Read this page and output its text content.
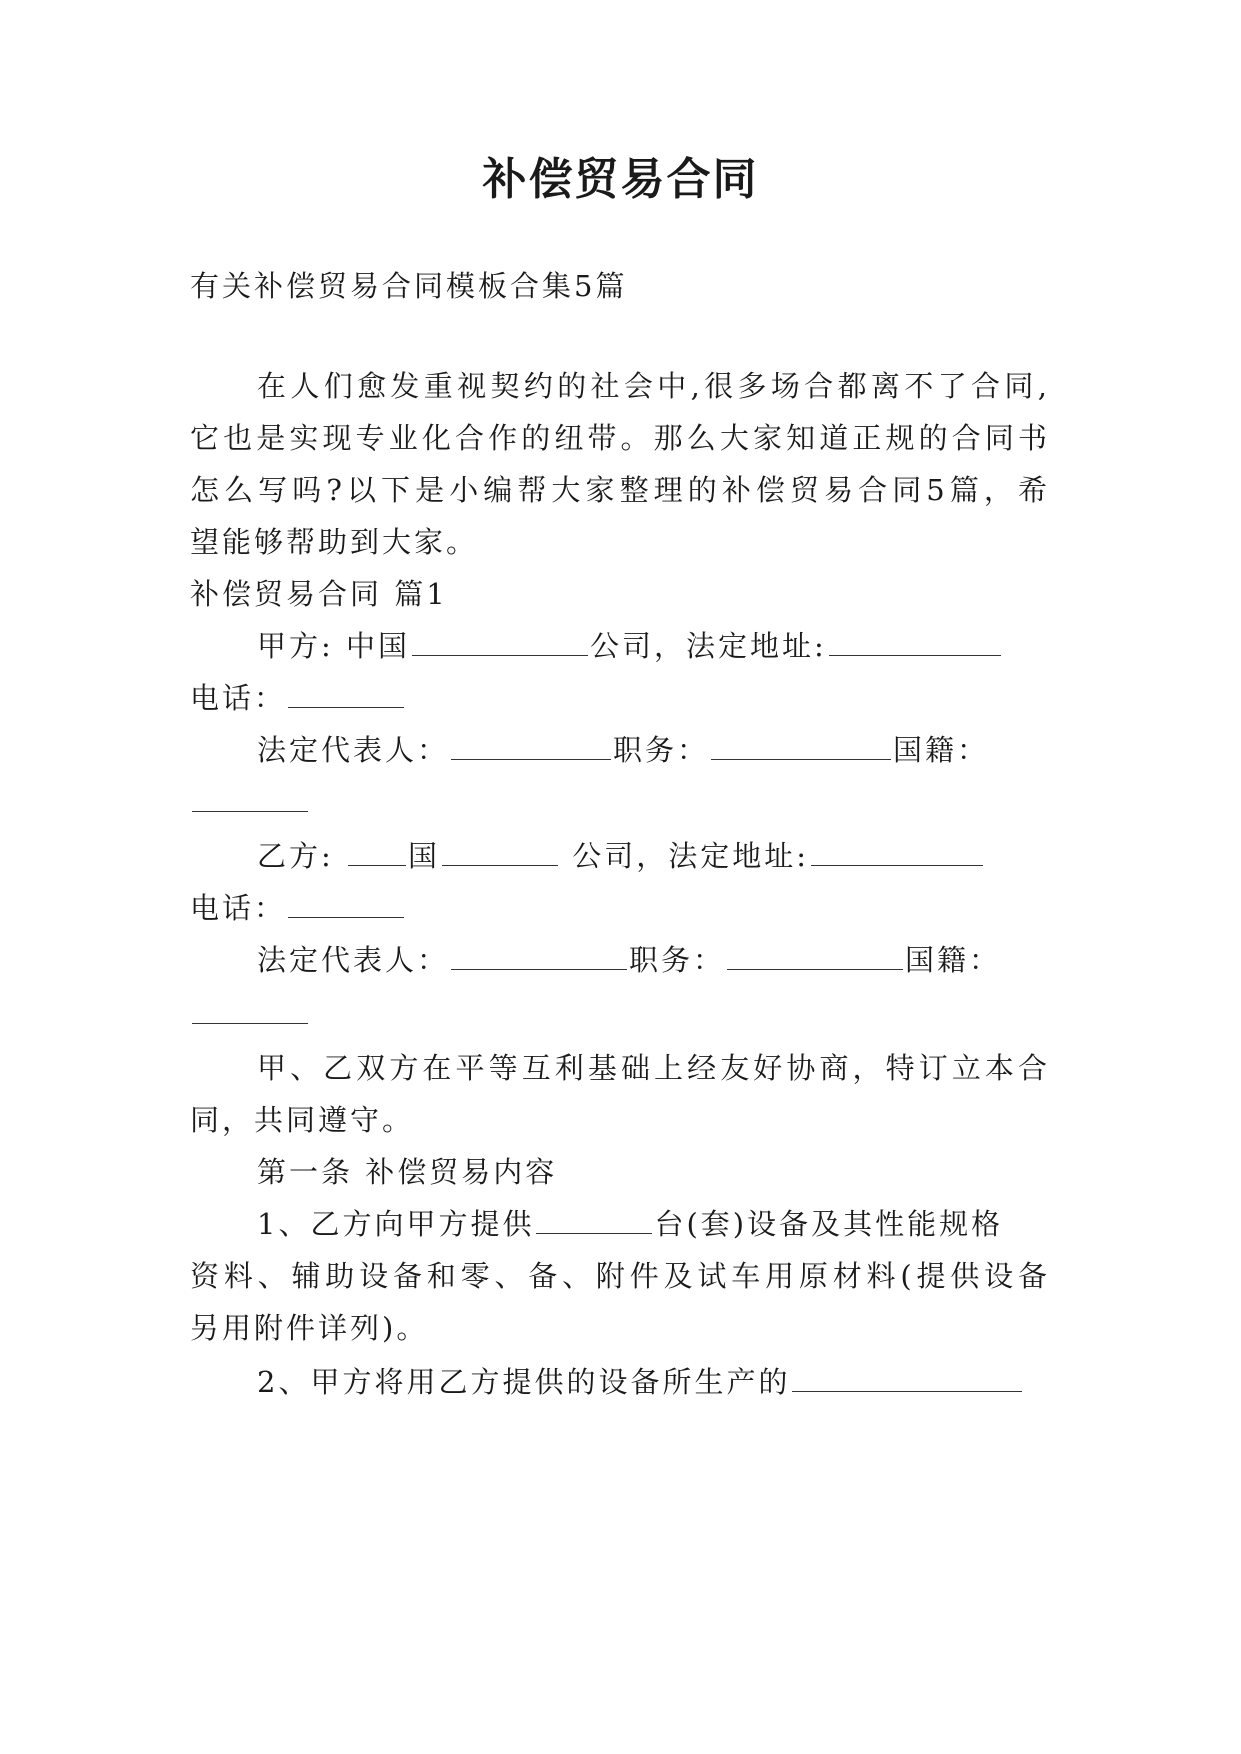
补偿贸易合同
有关补偿贸易合同模板合集5篇
在人们愈发重视契约的社会中,很多场合都离不了合同,
它也是实现专业化合作的纽带。那么大家知道正规的合同书
怎么写吗?以下是小编帮大家整理的补偿贸易合同5篇，希
望能够帮助到大家。
补偿贸易合同 篇1
甲方: 中国	公司，法定地址:
电话：
法定代表人：	职务：	国籍：
乙方: 国	公司，法定地址:
电话：
法定代表人：	职务：	国籍：
甲、乙双方在平等互利基础上经友好协商，特订立本合
同，共同遵守。
第一条 补偿贸易内容
1、乙方向甲方提供	台(套)设备及其性能规格
资料、辅助设备和零、备、附件及试车用原材料(提供设备
另用附件详列)。
2、甲方将用乙方提供的设备所生产的
